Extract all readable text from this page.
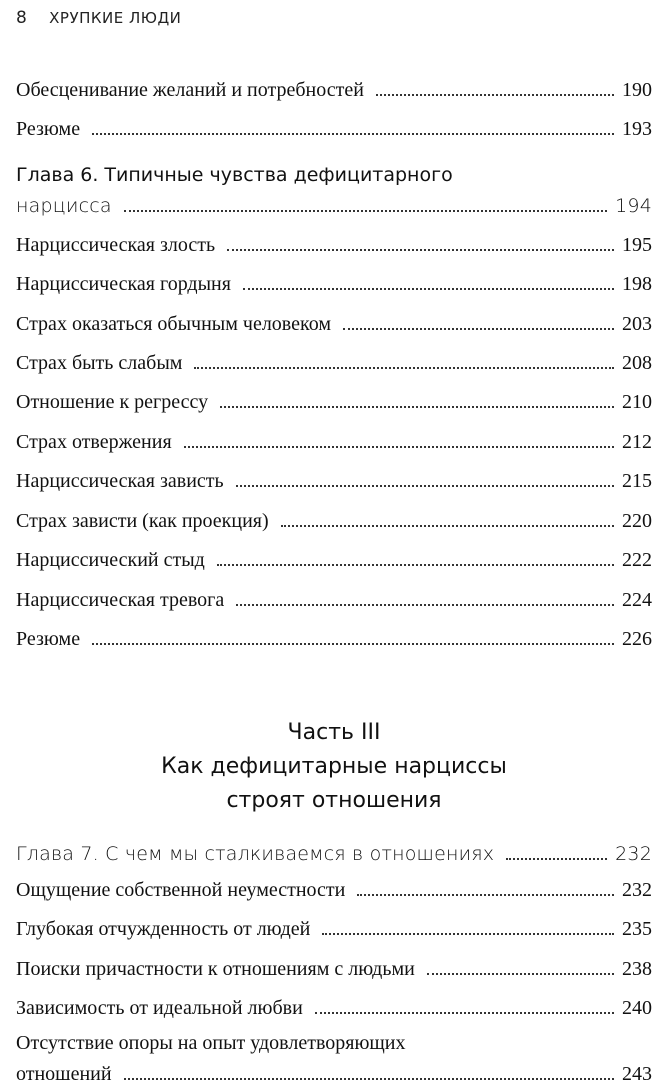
8 ХРУПКИЕ ЛЮДИ
Обесценивание желаний и потребностей	190
Резюме	193
Глава 6. Типичные чувства дефицитарного
нарцисса	194
Нарциссическая злость	195
Нарциссическая гордыня	198
Страх оказаться обычным человеком	203
Страх быть слабым	208
Отношение к регрессу	210
Страх отвержения	212
Нарциссическая зависть	215
Страх зависти (как проекция)	220
Нарциссический стыд	222
Нарциссическая тревога	224
Резюме	226
Часть III
Как дефицитарные нарциссы
строят отношения
Глава 7. С чем мы сталкиваемся в отношениях	232
Ощущение собственной неуместности	232
Глубокая отчужденность от людей	235
Поиски причастности к отношениям с людьми	238
Зависимость от идеальной любви	240
Отсутствие опоры на опыт удовлетворяющих
отношений	243
